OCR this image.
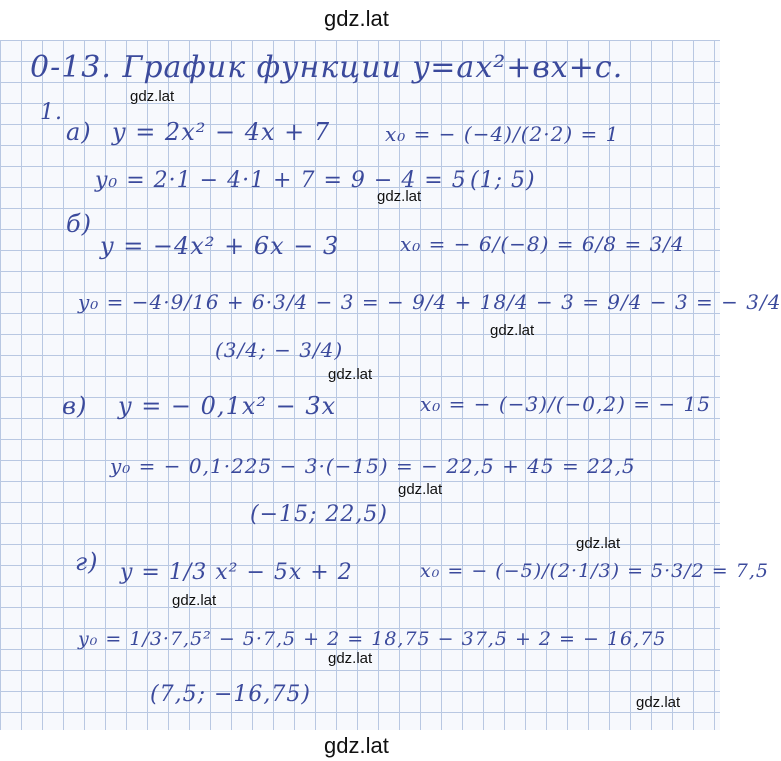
gdz.lat
0-13. График функции y=ax²+вx+c.
1.
а) y = 2x² − 4x + 7	x₀ = − (−4)/(2·2) = 1
y₀ = 2·1 − 4·1 + 7 = 9 − 4 = 5 (1; 5)
б)
y = −4x² + 6x − 3	x₀ = − 6/(−8) = 6/8 = 3/4
y₀ = −4·9/16 + 6·3/4 − 3 = − 9/4 + 18/4 − 3 = 9/4 − 3 = − 3/4
(3/4; − 3/4)
в) y = − 0,1x² − 3x	x₀ = − (−3)/(−0,2) = − 15
y₀ = − 0,1·225 − 3·(−15) = − 22,5 + 45 = 22,5
(−15; 22,5)
г) y = 1/3 x² − 5x + 2	x₀ = − (−5)/(2·1/3) = 5·3/2 = 7,5
y₀ = 1/3·7,5² − 5·7,5 + 2 = 18,75 − 37,5 + 2 = − 16,75
(7,5; −16,75)
gdz.lat
gdz.lat
gdz.lat
gdz.lat
gdz.lat
gdz.lat
gdz.lat
gdz.lat
gdz.lat
gdz.lat
